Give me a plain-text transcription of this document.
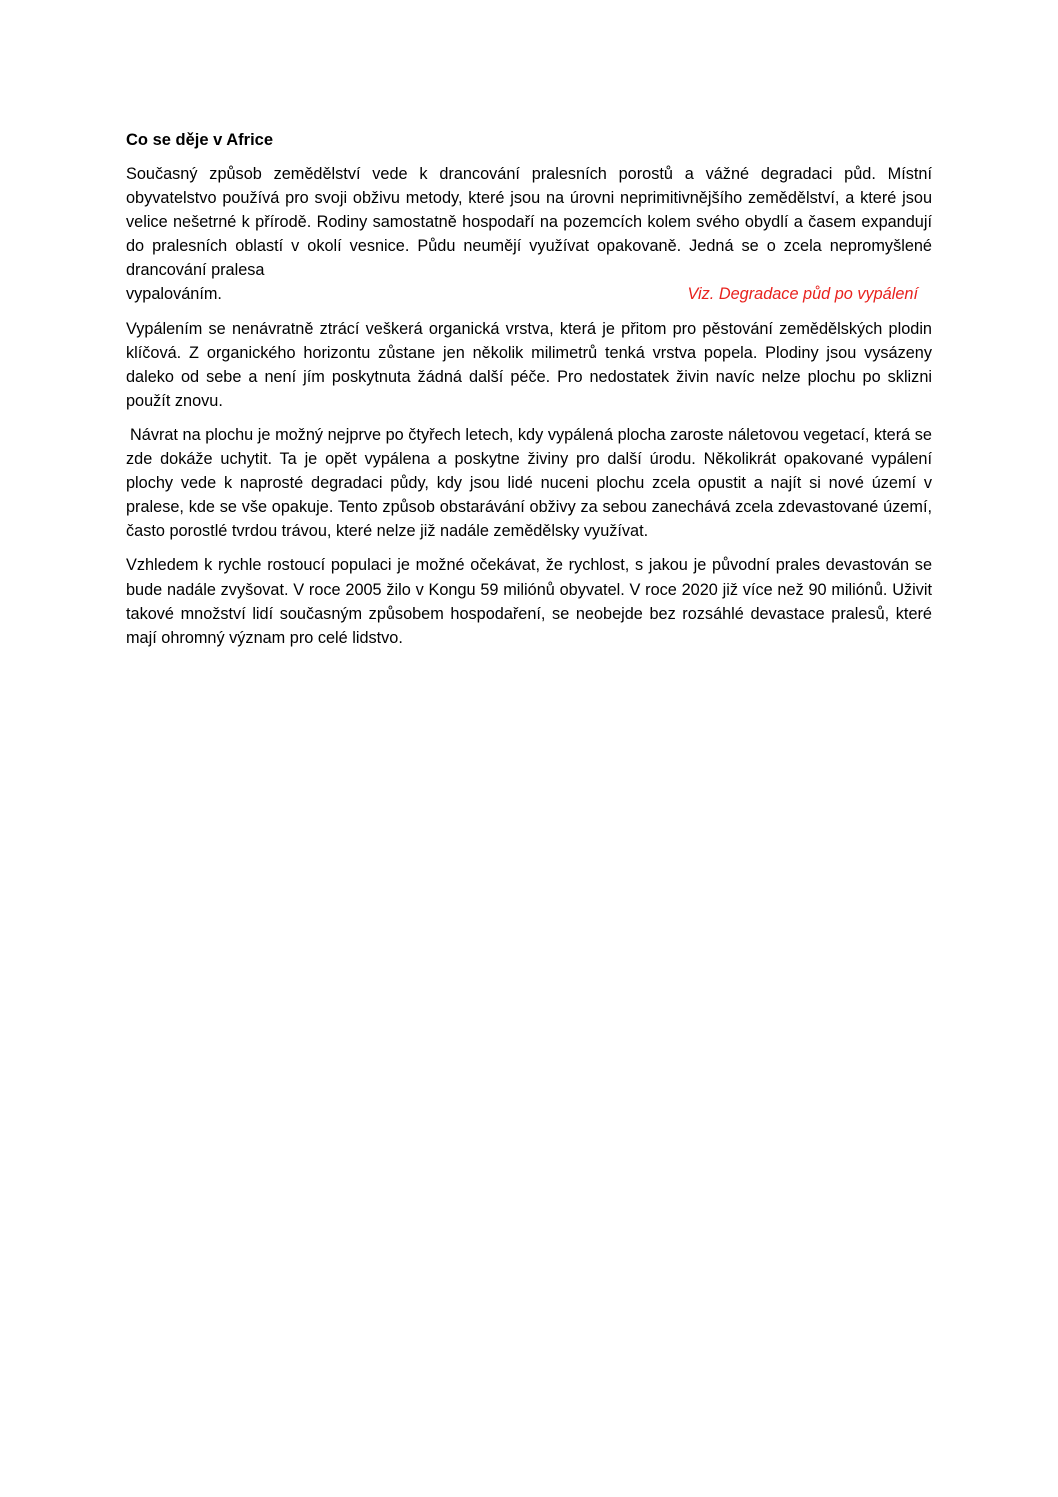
Co se děje v Africe
Současný způsob zemědělství vede k drancování pralesních porostů a vážné degradaci půd. Místní obyvatelstvo používá pro svoji obživu metody, které jsou na úrovni neprimitivnějšího zemědělství, a které jsou velice nešetrné k přírodě. Rodiny samostatně hospodaří na pozemcích kolem svého obydlí a časem expandují do pralesních oblastí v okolí vesnice. Půdu neumějí využívat opakovaně. Jedná se o zcela nepromyšlené drancování pralesa
Viz. Degradace půd po vypálení
vypalováním.
Vypálením se nenávratně ztrácí veškerá organická vrstva, která je přitom pro pěstování zemědělských plodin klíčová. Z organického horizontu zůstane jen několik milimetrů tenká vrstva popela. Plodiny jsou vysázeny daleko od sebe a není jím poskytnuta žádná další péče. Pro nedostatek živin navíc nelze plochu po sklizni použít znovu.
Návrat na plochu je možný nejprve po čtyřech letech, kdy vypálená plocha zaroste náletovou vegetací, která se zde dokáže uchytit. Ta je opět vypálena a poskytne živiny pro další úrodu. Několikrát opakované vypálení plochy vede k naprosté degradaci půdy, kdy jsou lidé nuceni plochu zcela opustit a najít si nové území v pralese, kde se vše opakuje. Tento způsob obstarávání obživy za sebou zanechává zcela zdevastované území, často porostlé tvrdou trávou, které nelze již nadále zemědělsky využívat.
Vzhledem k rychle rostoucí populaci je možné očekávat, že rychlost, s jakou je původní prales devastován se bude nadále zvyšovat. V roce 2005 žilo v Kongu 59 miliónů obyvatel. V roce 2020 již více než 90 miliónů. Uživit takové množství lidí současným způsobem hospodaření, se neobejde bez rozsáhlé devastace pralesů, které mají ohromný význam pro celé lidstvo.
